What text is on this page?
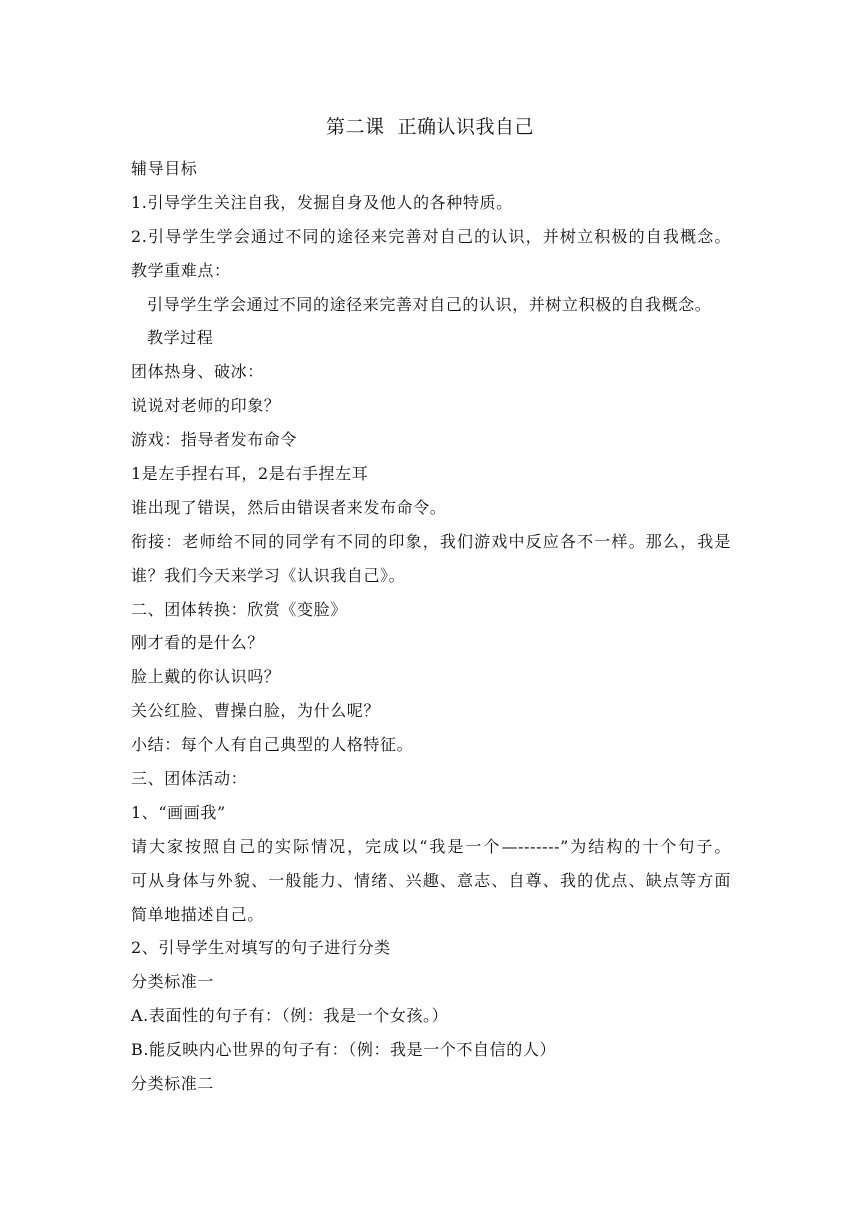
第二课  正确认识我自己
辅导目标
1.引导学生关注自我，发掘自身及他人的各种特质。
2.引导学生学会通过不同的途径来完善对自己的认识，并树立积极的自我概念。
教学重难点：
引导学生学会通过不同的途径来完善对自己的认识，并树立积极的自我概念。
教学过程
团体热身、破冰：
说说对老师的印象？
游戏：指导者发布命令
1是左手捏右耳，2是右手捏左耳
谁出现了错误，然后由错误者来发布命令。
衔接：老师给不同的同学有不同的印象，我们游戏中反应各不一样。那么，我是
谁？我们今天来学习《认识我自己》。
二、团体转换：欣赏《变脸》
刚才看的是什么？
脸上戴的你认识吗？
关公红脸、曹操白脸，为什么呢？
小结：每个人有自己典型的人格特征。
三、团体活动：
1、“画画我”
请大家按照自己的实际情况，完成以“我是一个—-------”为结构的十个句子。
可从身体与外貌、一般能力、情绪、兴趣、意志、自尊、我的优点、缺点等方面
简单地描述自己。
2、引导学生对填写的句子进行分类
分类标准一
A.表面性的句子有：（例：我是一个女孩。）
B.能反映内心世界的句子有：（例：我是一个不自信的人）
分类标准二
